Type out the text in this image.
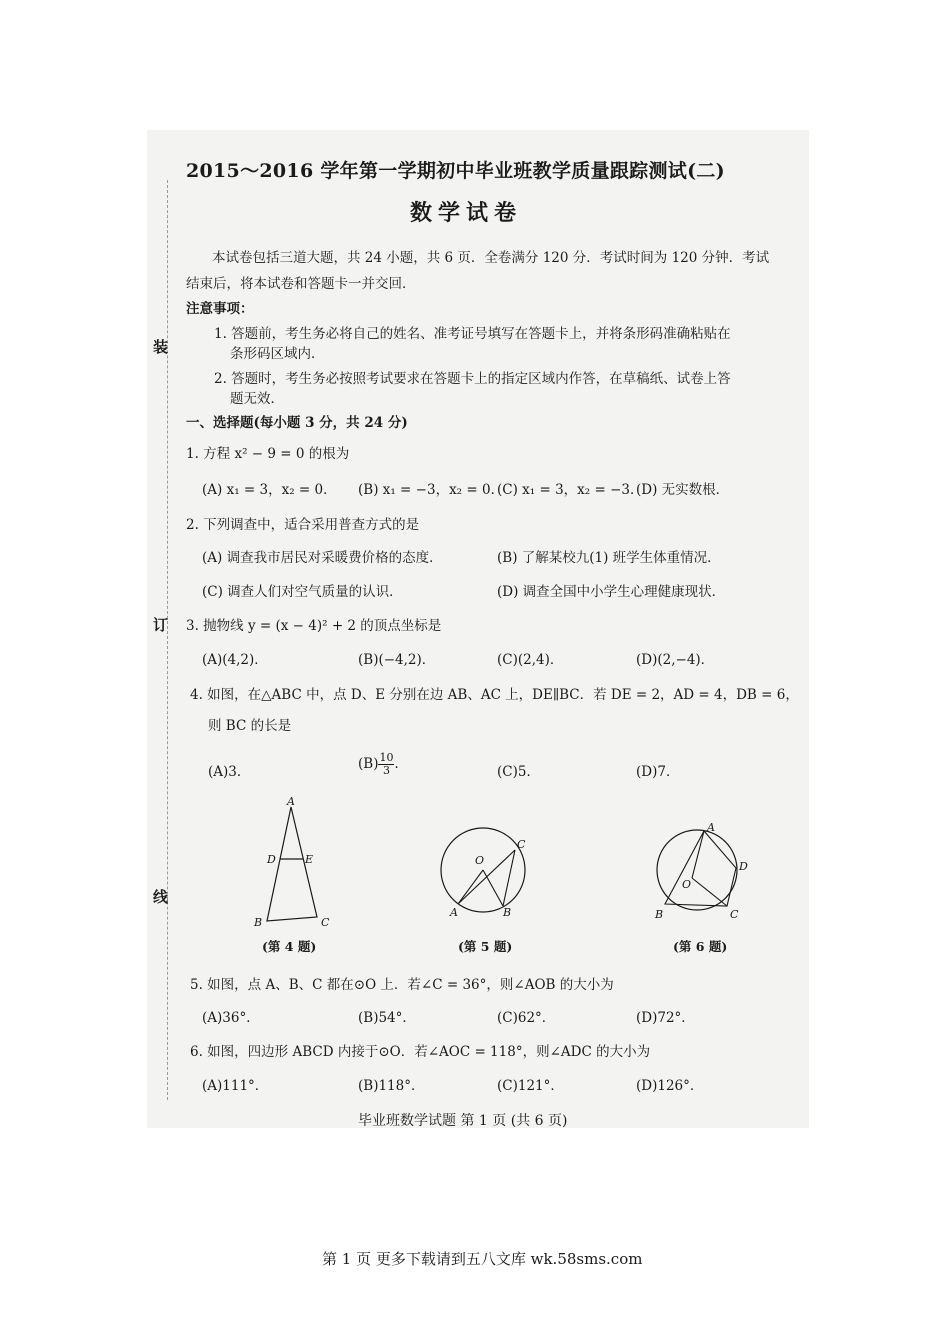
装
订
线
2015～2016 学年第一学期初中毕业班教学质量跟踪测试(二)
数学试卷
本试卷包括三道大题，共 24 小题，共 6 页．全卷满分 120 分．考试时间为 120 分钟．考试
结束后，将本试卷和答题卡一并交回．
注意事项：
1. 答题前，考生务必将自己的姓名、准考证号填写在答题卡上，并将条形码准确粘贴在
条形码区域内．
2. 答题时，考生务必按照考试要求在答题卡上的指定区域内作答，在草稿纸、试卷上答
题无效．
一、选择题(每小题 3 分，共 24 分)
1. 方程 x² − 9 = 0 的根为
(A) x₁ = 3，x₂ = 0． (B) x₁ = −3，x₂ = 0．
(C) x₁ = 3，x₂ = −3．
(D) 无实数根．
2. 下列调查中，适合采用普查方式的是
(A) 调查我市居民对采暖费价格的态度．	(B) 了解某校九(1) 班学生体重情况．
(C) 调查人们对空气质量的认识．	(D) 调查全国中小学生心理健康现状．
3. 抛物线 y = (x − 4)² + 2 的顶点坐标是
(A)(4,2)．	(B)(−4,2)．	(C)(2,4)．	(D)(2,−4)．
4. 如图，在△ABC 中，点 D、E 分别在边 AB、AC 上，DE∥BC．若 DE = 2，AD = 4，DB = 6，
则 BC 的长是
(A)3．	$(B) \frac{10}{3}$ ．	(C)5．	(D)7．
A
D	E
B	C
(第 4 题)
O
C
A	B
(第 5 题)
A
D
O
B	C
(第 6 题)
5. 如图，点 A、B、C 都在⊙O 上．若∠C = 36°，则∠AOB 的大小为
(A)36°．	(B)54°．	(C)62°．	(D)72°．
6. 如图，四边形 ABCD 内接于⊙O．若∠AOC = 118°，则∠ADC 的大小为
(A)111°．	(B)118°．	(C)121°．	(D)126°．
毕业班数学试题 第 1 页 (共 6 页)
第 1 页 更多下载请到五八文库 wk.58sms.com
